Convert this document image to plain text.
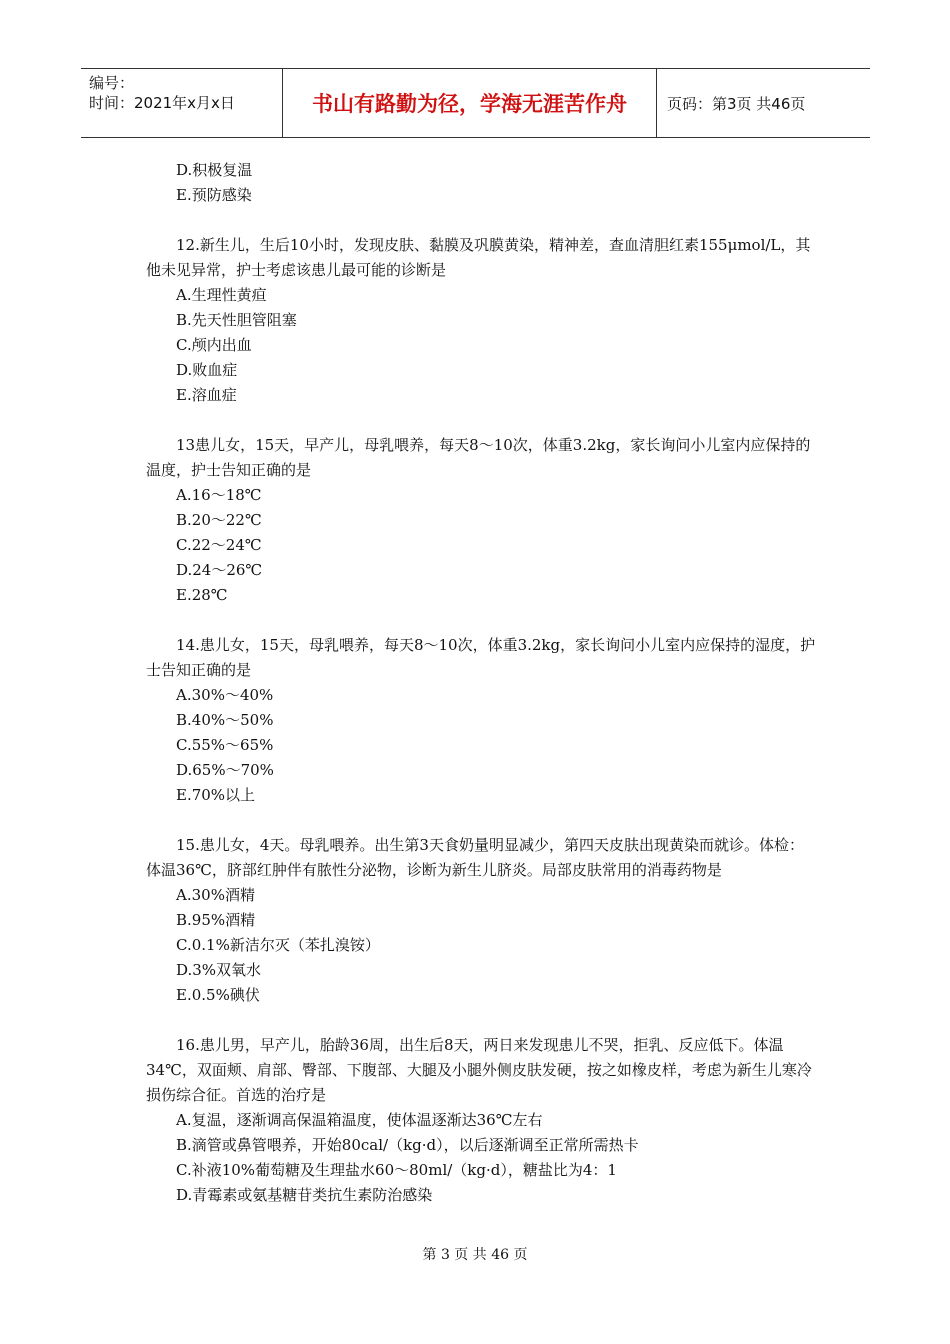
编号：
时间：2021年x月x日	书山有路勤为径，学海无涯苦作舟	页码：第3页 共46页
D.积极复温
E.预防感染
12.新生儿，生后10小时，发现皮肤、黏膜及巩膜黄染，精神差，查血清胆红素155μmol/L，其他未见异常，护士考虑该患儿最可能的诊断是
A.生理性黄疸
B.先天性胆管阻塞
C.颅内出血
D.败血症
E.溶血症
13患儿女，15天，早产儿，母乳喂养，每天8～10次，体重3.2kg，家长询问小儿室内应保持的温度，护士告知正确的是
A.16～18℃
B.20～22℃
C.22～24℃
D.24～26℃
E.28℃
14.患儿女，15天，母乳喂养，每天8～10次，体重3.2kg，家长询问小儿室内应保持的湿度，护士告知正确的是
A.30%～40%
B.40%～50%
C.55%～65%
D.65%～70%
E.70%以上
15.患儿女，4天。母乳喂养。出生第3天食奶量明显减少，第四天皮肤出现黄染而就诊。体检：体温36℃，脐部红肿伴有脓性分泌物，诊断为新生儿脐炎。局部皮肤常用的消毒药物是
A.30%酒精
B.95%酒精
C.0.1%新洁尔灭（苯扎溴铵）
D.3%双氧水
E.0.5%碘伏
16.患儿男，早产儿，胎龄36周，出生后8天，两日来发现患儿不哭，拒乳、反应低下。体温34℃，双面颊、肩部、臀部、下腹部、大腿及小腿外侧皮肤发硬，按之如橡皮样，考虑为新生儿寒冷损伤综合征。首选的治疗是
A.复温，逐渐调高保温箱温度，使体温逐渐达36℃左右
B.滴管或鼻管喂养，开始80cal/（kg·d），以后逐渐调至正常所需热卡
C.补液10%葡萄糖及生理盐水60～80ml/（kg·d），糖盐比为4：1
D.青霉素或氨基糖苷类抗生素防治感染
第 3 页 共 46 页
